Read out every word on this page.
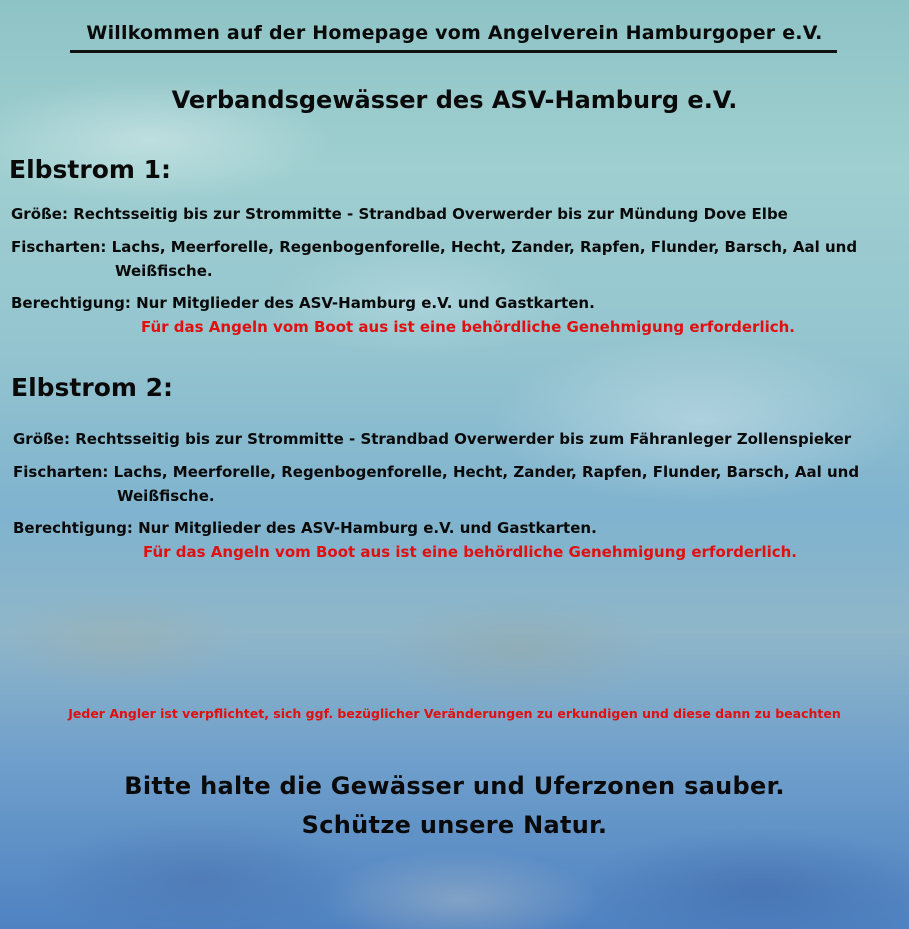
Willkommen auf der Homepage vom Angelverein Hamburgoper e.V.
Verbandsgewässer des ASV-Hamburg e.V.
Elbstrom 1:
Größe: Rechtsseitig bis zur Strommitte - Strandbad Overwerder bis zur Mündung Dove Elbe
Fischarten: Lachs, Meerforelle, Regenbogenforelle, Hecht, Zander, Rapfen, Flunder, Barsch, Aal und
Weißfische.
Berechtigung: Nur Mitglieder des ASV-Hamburg e.V. und Gastkarten.
Für das Angeln vom Boot aus ist eine behördliche Genehmigung erforderlich.
Elbstrom 2:
Größe: Rechtsseitig bis zur Strommitte - Strandbad Overwerder bis zum Fähranleger Zollenspieker
Fischarten: Lachs, Meerforelle, Regenbogenforelle, Hecht, Zander, Rapfen, Flunder, Barsch, Aal und
Weißfische.
Berechtigung: Nur Mitglieder des ASV-Hamburg e.V. und Gastkarten.
Für das Angeln vom Boot aus ist eine behördliche Genehmigung erforderlich.
Jeder Angler ist verpflichtet, sich ggf. bezüglicher Veränderungen zu erkundigen und diese dann zu beachten
Bitte halte die Gewässer und Uferzonen sauber.
Schütze unsere Natur.
